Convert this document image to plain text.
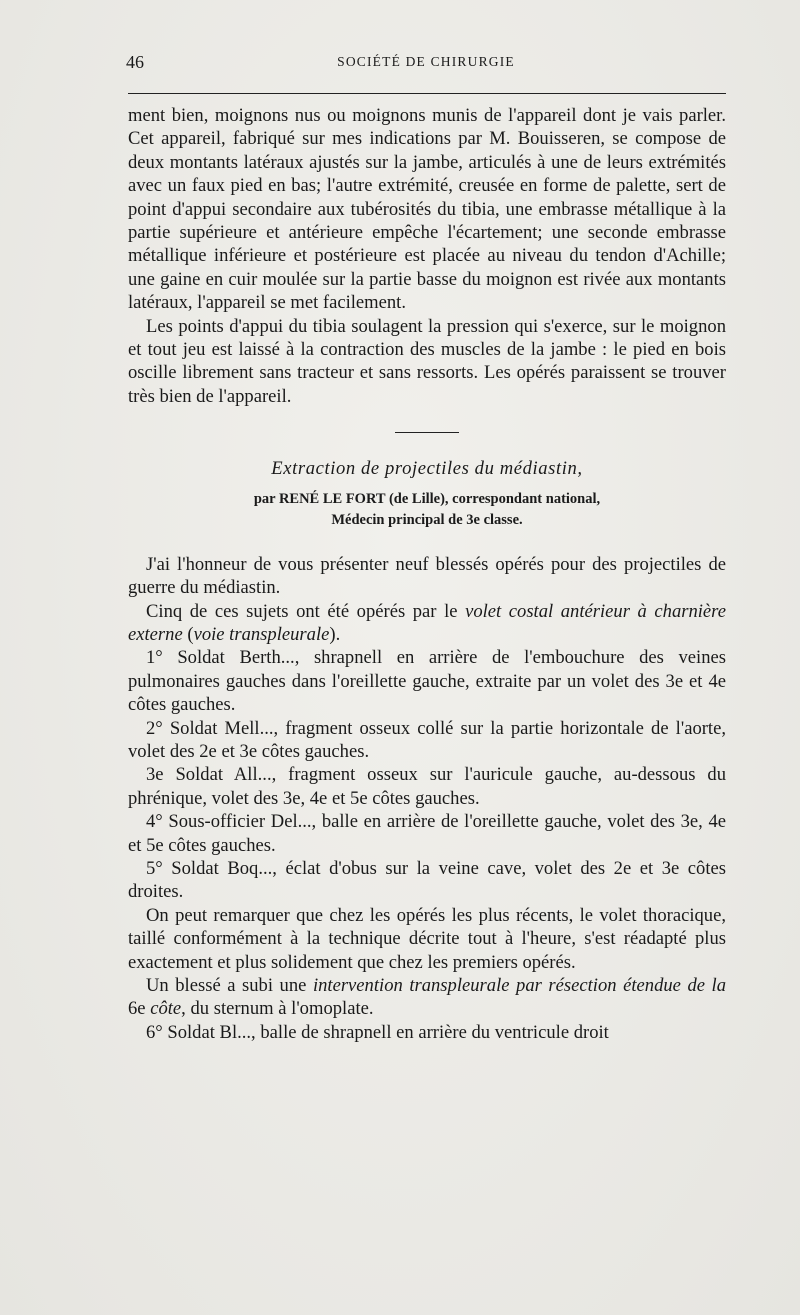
46	SOCIÉTÉ DE CHIRURGIE

ment bien, moignons nus ou moignons munis de l'appareil dont je vais parler. Cet appareil, fabriqué sur mes indications par M. Bouisseren, se compose de deux montants latéraux ajustés sur la jambe, articulés à une de leurs extrémités avec un faux pied en bas; l'autre extrémité, creusée en forme de palette, sert de point d'appui secondaire aux tubérosités du tibia, une embrasse métallique à la partie supérieure et antérieure empêche l'écartement; une seconde embrasse métallique inférieure et postérieure est placée au niveau du tendon d'Achille; une gaine en cuir moulée sur la partie basse du moignon est rivée aux montants latéraux, l'appareil se met facilement.

Les points d'appui du tibia soulagent la pression qui s'exerce, sur le moignon et tout jeu est laissé à la contraction des muscles de la jambe : le pied en bois oscille librement sans tracteur et sans ressorts. Les opérés paraissent se trouver très bien de l'appareil.

Extraction de projectiles du médiastin,

par RENÉ LE FORT (de Lille), correspondant national,

Médecin principal de 3e classe.

J'ai l'honneur de vous présenter neuf blessés opérés pour des projectiles de guerre du médiastin.

Cinq de ces sujets ont été opérés par le volet costal antérieur à charnière externe (voie transpleurale).

1° Soldat Berth..., shrapnell en arrière de l'embouchure des veines pulmonaires gauches dans l'oreillette gauche, extraite par un volet des 3e et 4e côtes gauches.

2° Soldat Mell..., fragment osseux collé sur la partie horizontale de l'aorte, volet des 2e et 3e côtes gauches.

3e Soldat All..., fragment osseux sur l'auricule gauche, au-dessous du phrénique, volet des 3e, 4e et 5e côtes gauches.

4° Sous-officier Del..., balle en arrière de l'oreillette gauche, volet des 3e, 4e et 5e côtes gauches.

5° Soldat Boq..., éclat d'obus sur la veine cave, volet des 2e et 3e côtes droites.

On peut remarquer que chez les opérés les plus récents, le volet thoracique, taillé conformément à la technique décrite tout à l'heure, s'est réadapté plus exactement et plus solidement que chez les premiers opérés.

Un blessé a subi une intervention transpleurale par résection étendue de la 6e côte, du sternum à l'omoplate.

6° Soldat Bl..., balle de shrapnell en arrière du ventricule droit
